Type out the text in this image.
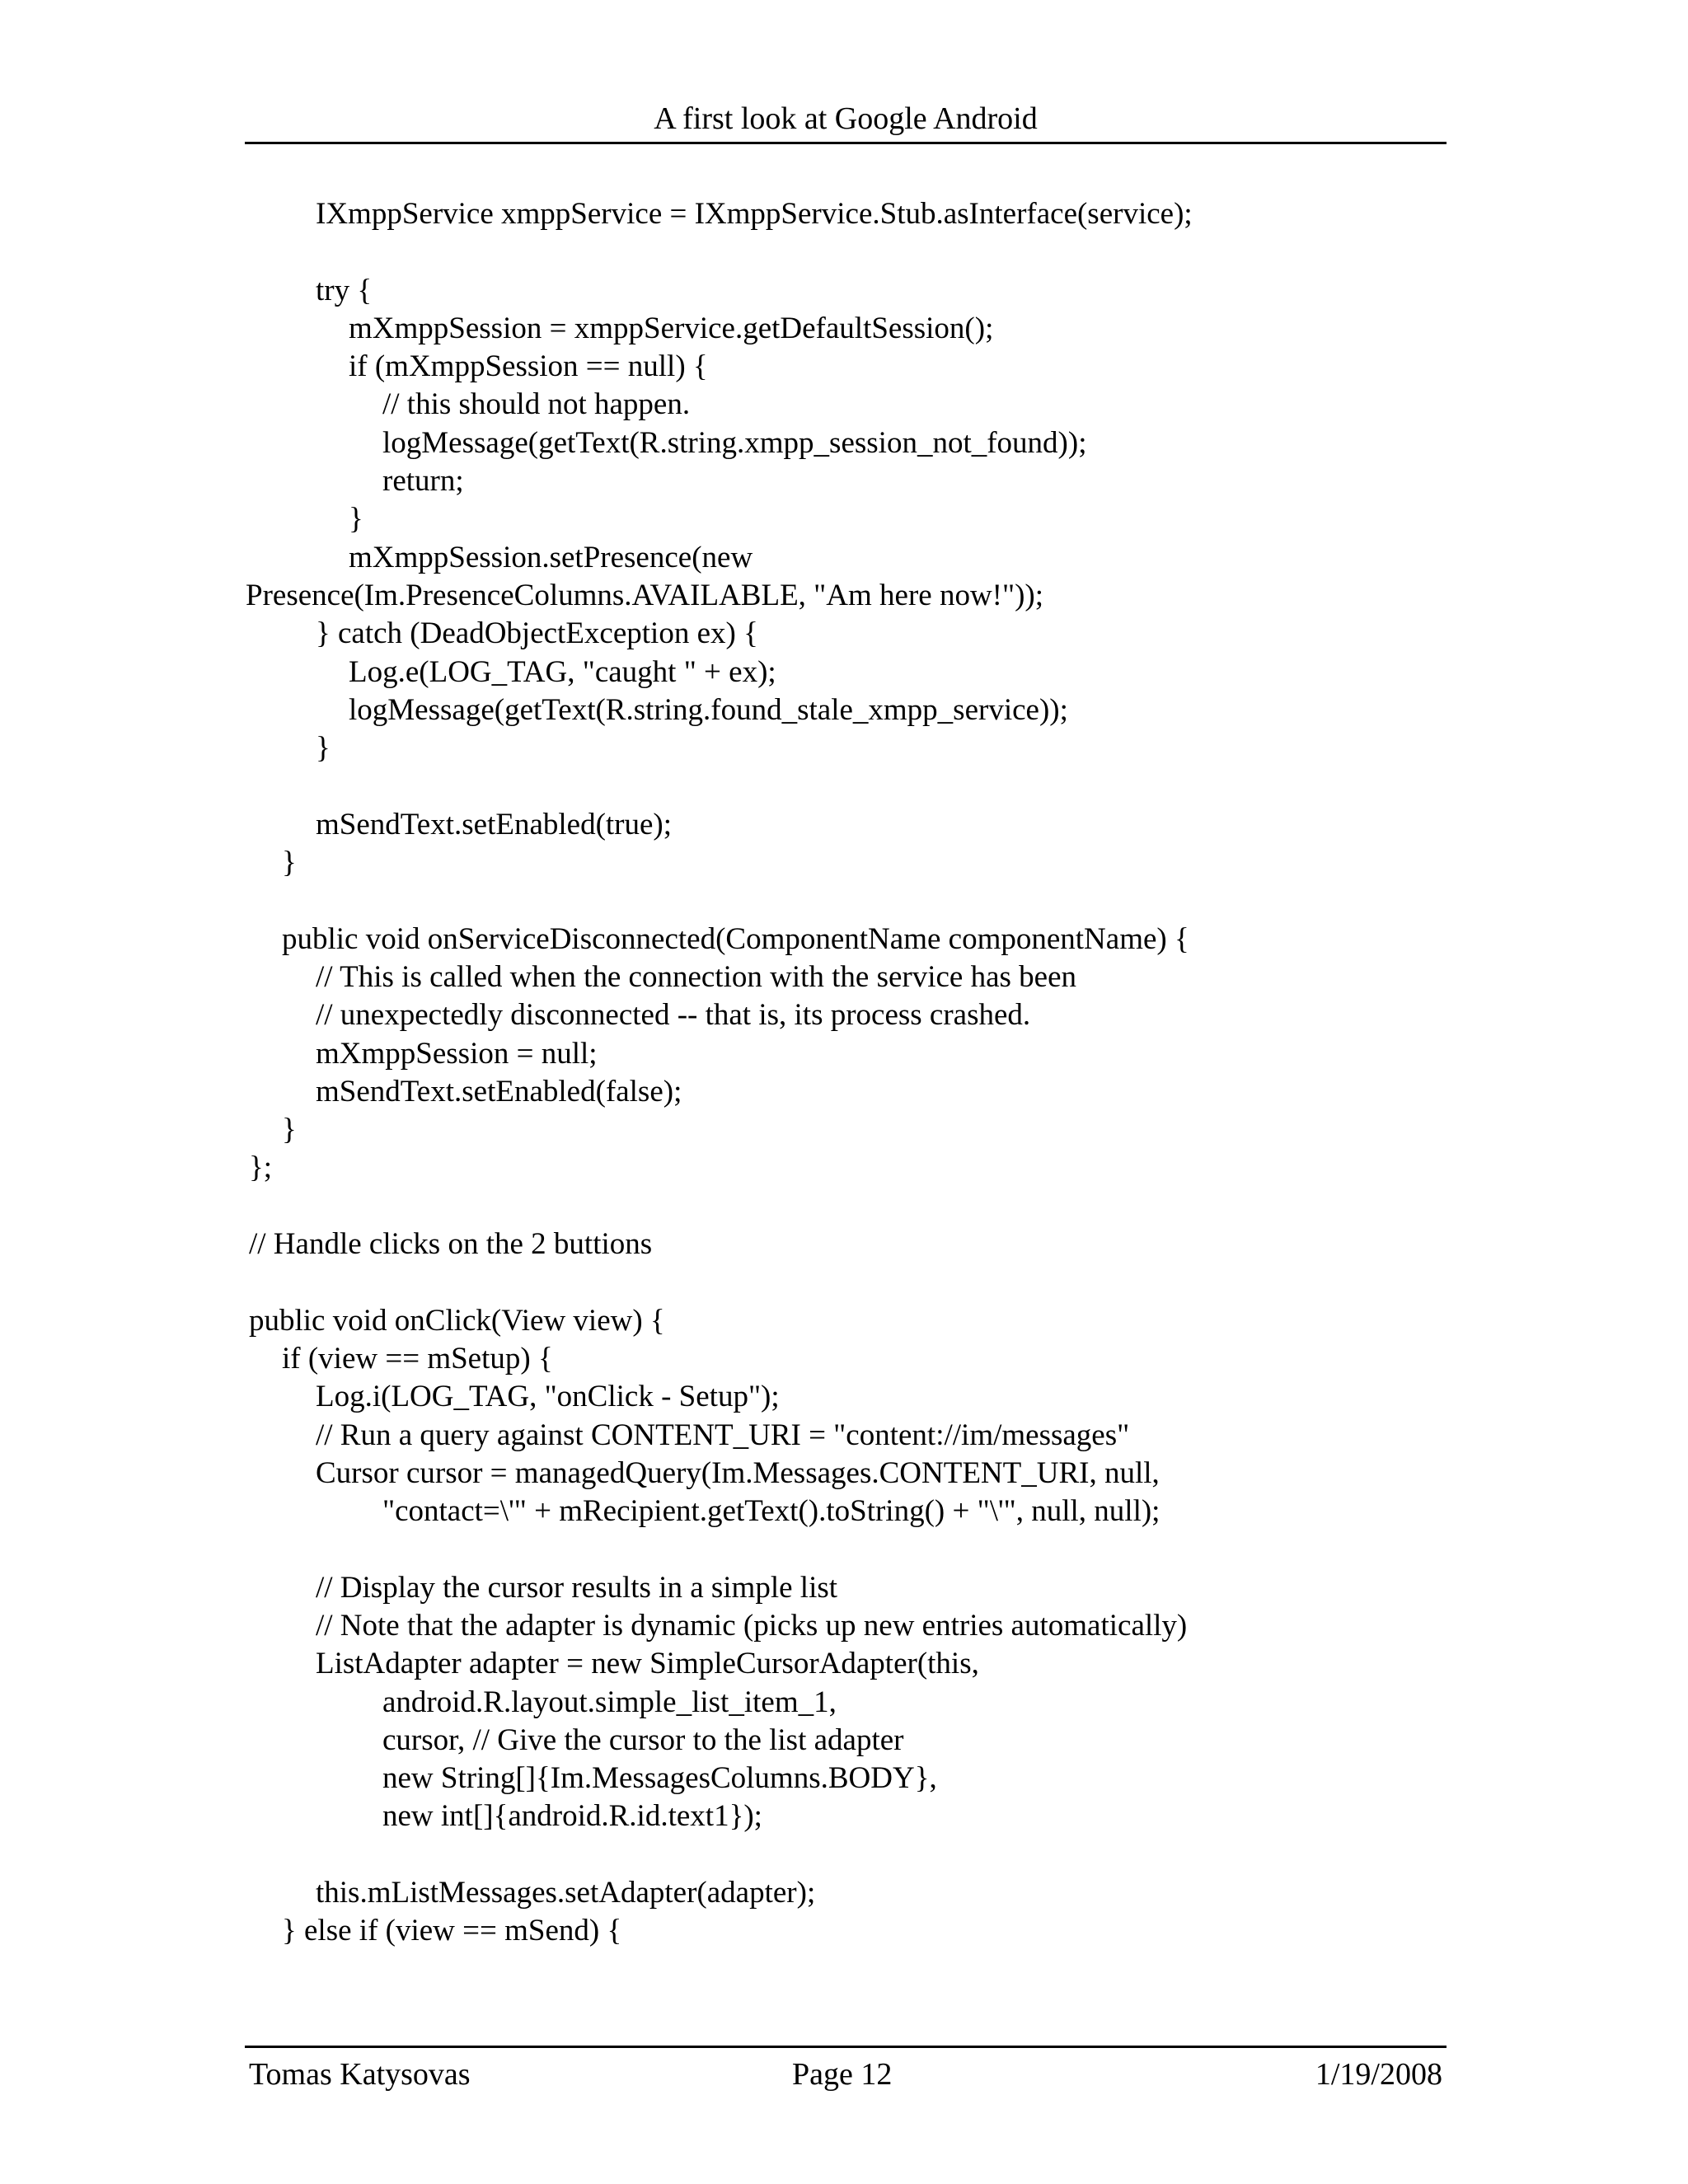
A first look at Google Android
IXmppService xmppService = IXmppService.Stub.asInterface(service);
try {
mXmppSession = xmppService.getDefaultSession();
if (mXmppSession == null) {
// this should not happen.
logMessage(getText(R.string.xmpp_session_not_found));
return;
}
mXmppSession.setPresence(new
Presence(Im.PresenceColumns.AVAILABLE, "Am here now!"));
} catch (DeadObjectException ex) {
Log.e(LOG_TAG, "caught " + ex);
logMessage(getText(R.string.found_stale_xmpp_service));
}
mSendText.setEnabled(true);
}
public void onServiceDisconnected(ComponentName componentName) {
// This is called when the connection with the service has been
// unexpectedly disconnected -- that is, its process crashed.
mXmppSession = null;
mSendText.setEnabled(false);
}
};
// Handle clicks on the 2 buttions
public void onClick(View view) {
if (view == mSetup) {
Log.i(LOG_TAG, "onClick - Setup");
// Run a query against CONTENT_URI = "content://im/messages"
Cursor cursor = managedQuery(Im.Messages.CONTENT_URI, null,
"contact=\'" + mRecipient.getText().toString() + "\'", null, null);
// Display the cursor results in a simple list
// Note that the adapter is dynamic (picks up new entries automatically)
ListAdapter adapter = new SimpleCursorAdapter(this,
android.R.layout.simple_list_item_1,
cursor, // Give the cursor to the list adapter
new String[]{Im.MessagesColumns.BODY},
new int[]{android.R.id.text1});
this.mListMessages.setAdapter(adapter);
} else if (view == mSend) {
Tomas Katysovas	Page 12	1/19/2008
